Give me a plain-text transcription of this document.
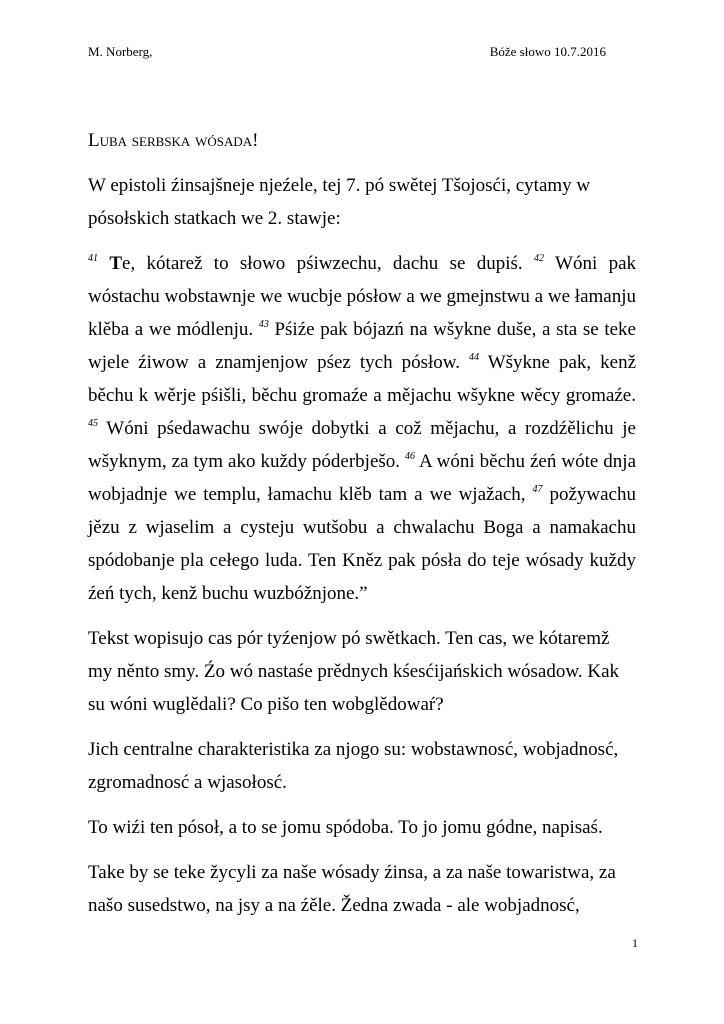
M. Norberg,	Bóže słowo 10.7.2016

Luba serbska wósada!

W epistoli źinsajšneje njeźele, tej 7. pó swětej Tšojosći, cytamy w
pósołskich statkach we 2. stawje:

$^{41}$ Te, kótarež to słowo pśiwzechu, dachu se dupiś. $^{42}$ Wóni pak wóstachu wobstawnje we wucbje pósłow a we gmejnstwu a we łamanju klěba a we módlenju. $^{43}$ Pśiźe pak bójazń na wšykne duše, a sta se teke wjele źiwow a znamjenjow pśez tych pósłow. $^{44}$ Wšykne pak, kenž běchu k wěrje pśišli, běchu gromaźe a mějachu wšykne wěcy gromaźe. $^{45}$ Wóni pśedawachu swóje dobytki a což mějachu, a rozdźělichu je wšyknym, za tym ako kuždy póderbješo. $^{46}$ A wóni běchu źeń wóte dnja wobjadnje we templu, łamachu klěb tam a we wjažach, $^{47}$ požywachu jězu z wjaselim a cysteju wutšobu a chwalachu Boga a namakachu spódobanje pla cełego luda. Ten Kněz pak pósła do teje wósady kuždy źeń tych, kenž buchu wuzbóžnjone.”

Tekst wopisujo cas pór tyźenjow pó swětkach. Ten cas, we kótaremž my něnto smy. Źo wó nastaśe prědnych kśesćijańskich wósadow. Kak su wóni wuglědali? Co pišo ten wobglědowaŕ?

Jich centralne charakteristika za njogo su: wobstawnosć, wobjadnosć, zgromadnosć a wjasołosć.

To wiźi ten pósoł, a to se jomu spódoba. To jo jomu gódne, napisaś.

Take by se teke žycyli za naše wósady źinsa, a za naše towaristwa, za
našo susedstwo, na jsy a na źěle. Žedna zwada - ale wobjadnosć,

1
